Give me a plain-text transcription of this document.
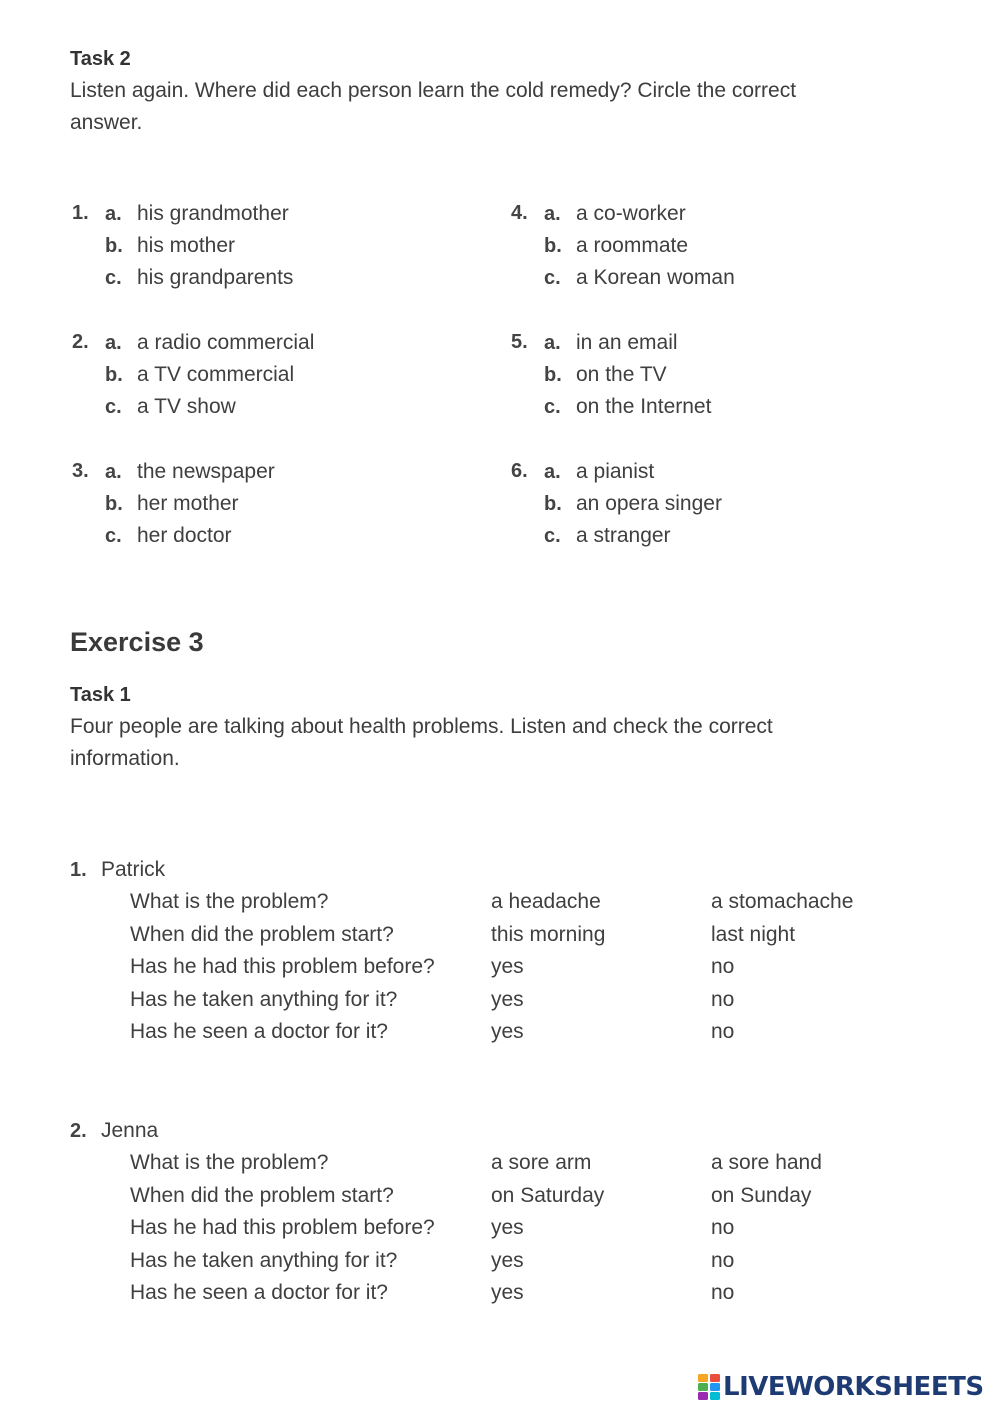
Task 2
Listen again. Where did each person learn the cold remedy? Circle the correct
answer.
1. a. his grandmother
b. his mother
c. his grandparents
2. a. a radio commercial
b. a TV commercial
c. a TV show
3. a. the newspaper
b. her mother
c. her doctor
4. a. a co-worker
b. a roommate
c. a Korean woman
5. a. in an email
b. on the TV
c. on the Internet
6. a. a pianist
b. an opera singer
c. a stranger
Exercise 3
Task 1
Four people are talking about health problems. Listen and check the correct
information.
1. Patrick
What is the problem?	a headache	a stomachache
When did the problem start?	this morning	last night
Has he had this problem before?	yes	no
Has he taken anything for it?	yes	no
Has he seen a doctor for it?	yes	no
2. Jenna
What is the problem?	a sore arm	a sore hand
When did the problem start?	on Saturday	on Sunday
Has he had this problem before?	yes	no
Has he taken anything for it?	yes	no
Has he seen a doctor for it?	yes	no
LIVEWORKSHEETS
